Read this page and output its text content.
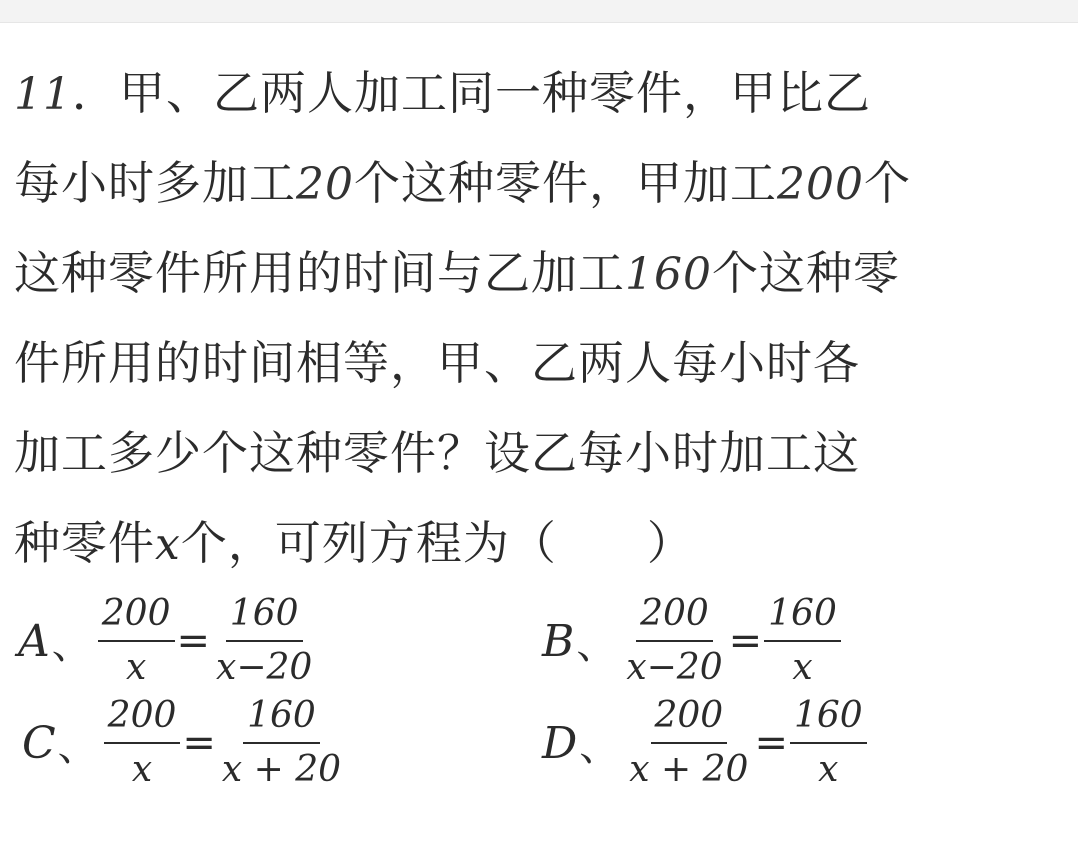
11．甲、乙两人加工同一种零件，甲比乙
每小时多加工20个这种零件，甲加工200个
这种零件所用的时间与乙加工160个这种零
件所用的时间相等，甲、乙两人每小时各
加工多少个这种零件？设乙每小时加工这
种零件x个，可列方程为（ ）
A 、 $\frac{200}{x} = \frac{160}{x-20}$	B 、 $\frac{200}{x-20} = \frac{160}{x}$
C 、 $\frac{200}{x} = \frac{160}{x + 20}$	D 、 $\frac{200}{x + 20} = \frac{160}{x}$
